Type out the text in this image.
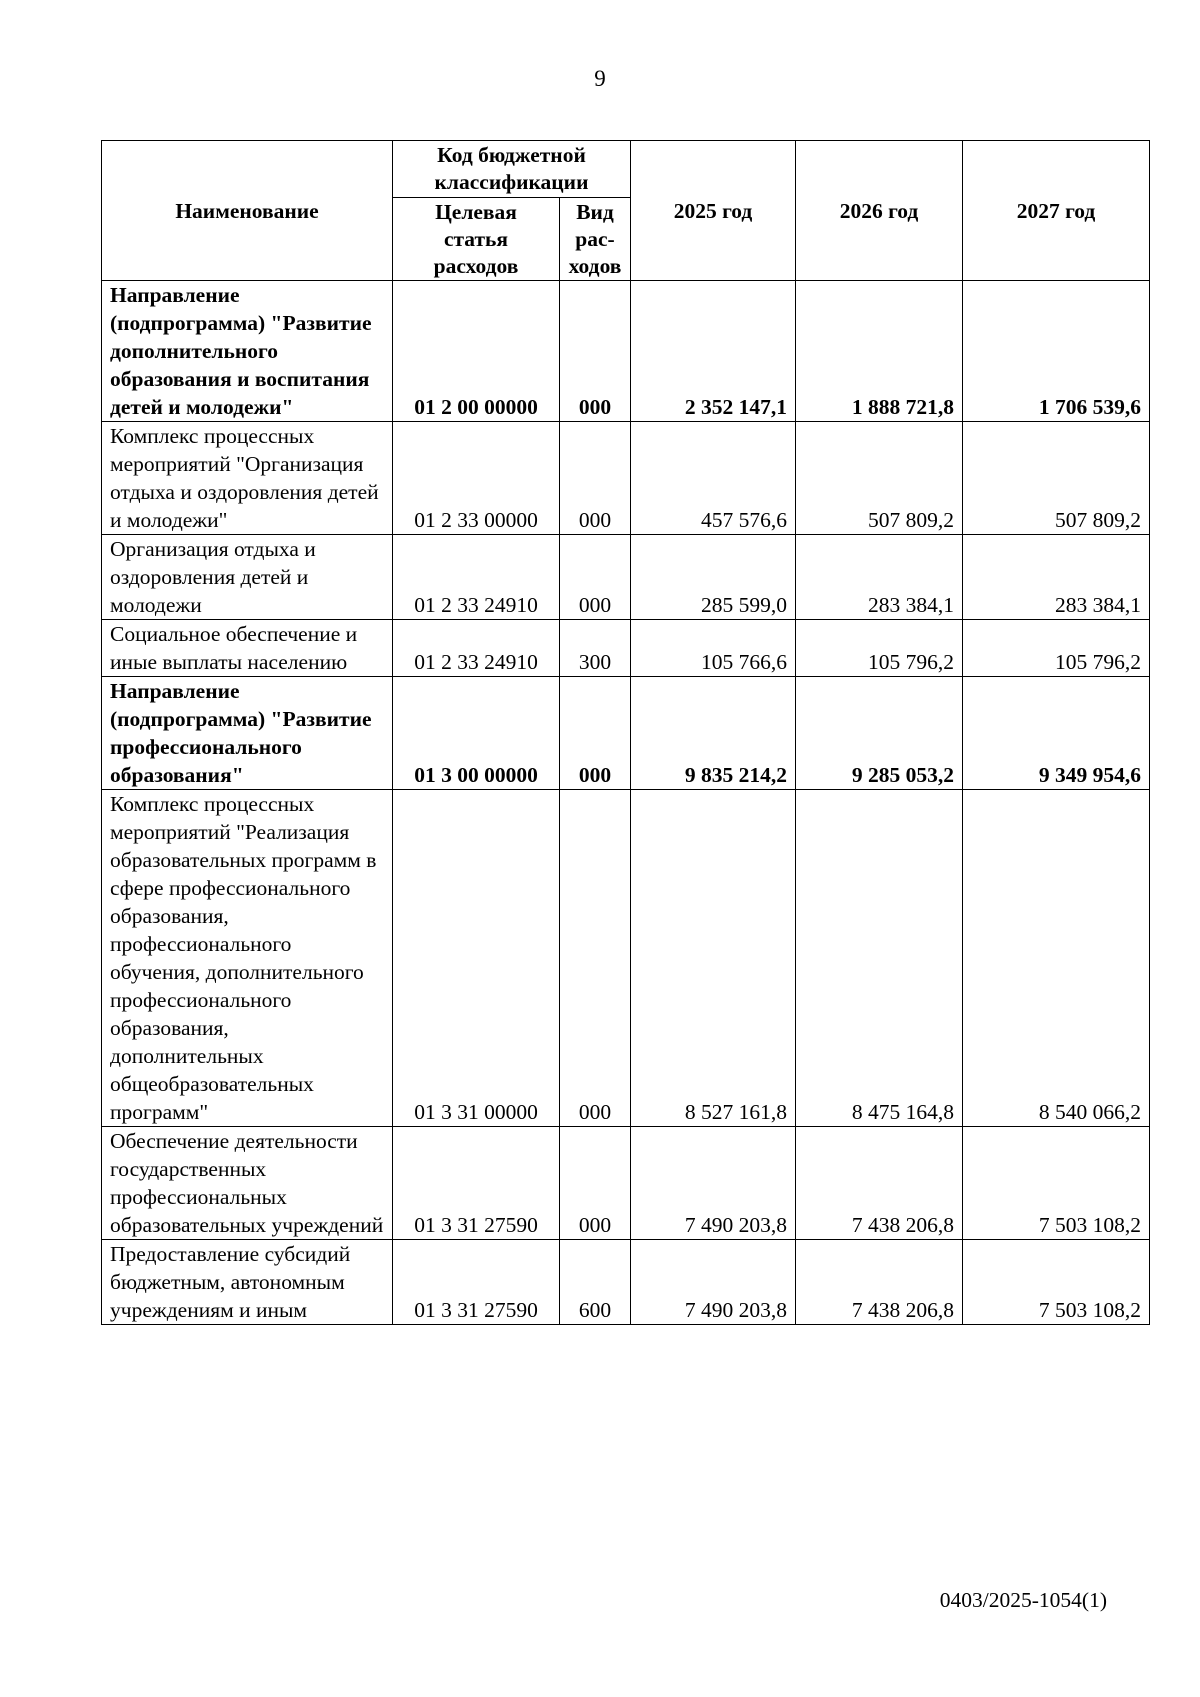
9
Наименование	Код бюджетной классификации		2025 год	2026 год	2027 год
	Целевая статья расходов	Вид рас-ходов			
Направление (подпрограмма) "Развитие дополнительного образования и воспитания детей и молодежи"	01 2 00 00000	000	2 352 147,1	1 888 721,8	1 706 539,6
Комплекс процессных мероприятий "Организация отдыха и оздоровления детей и молодежи"	01 2 33 00000	000	457 576,6	507 809,2	507 809,2
Организация отдыха и оздоровления детей и молодежи	01 2 33 24910	000	285 599,0	283 384,1	283 384,1
Социальное обеспечение и иные выплаты населению	01 2 33 24910	300	105 766,6	105 796,2	105 796,2
Направление (подпрограмма) "Развитие профессионального образования"	01 3 00 00000	000	9 835 214,2	9 285 053,2	9 349 954,6
Комплекс процессных мероприятий "Реализация образовательных программ в сфере профессионального образования, профессионального обучения, дополнительного профессионального образования, дополнительных общеобразовательных программ"	01 3 31 00000	000	8 527 161,8	8 475 164,8	8 540 066,2
Обеспечение деятельности государственных профессиональных образовательных учреждений	01 3 31 27590	000	7 490 203,8	7 438 206,8	7 503 108,2
Предоставление субсидий бюджетным, автономным учреждениям и иным	01 3 31 27590	600	7 490 203,8	7 438 206,8	7 503 108,2
0403/2025-1054(1)
